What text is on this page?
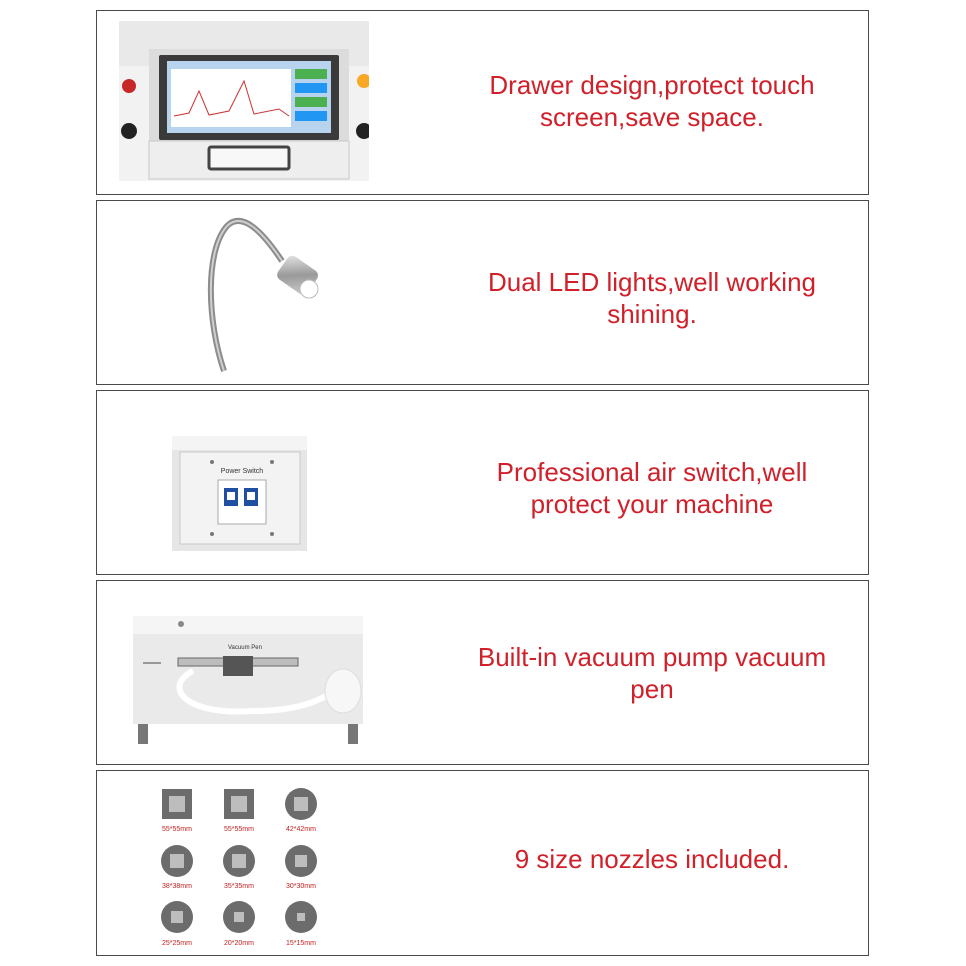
Drawer design,protect touch
screen,save space.
Dual LED lights,well working
shining.
Power Switch	Professional air switch,well
protect your machine
Vacuum Pen	Built-in vacuum pump vacuum
pen
55*55mm	55*55mm	42*42mm
38*38mm	35*35mm	30*30mm
25*25mm	20*20mm	15*15mm
9 size nozzles included.
